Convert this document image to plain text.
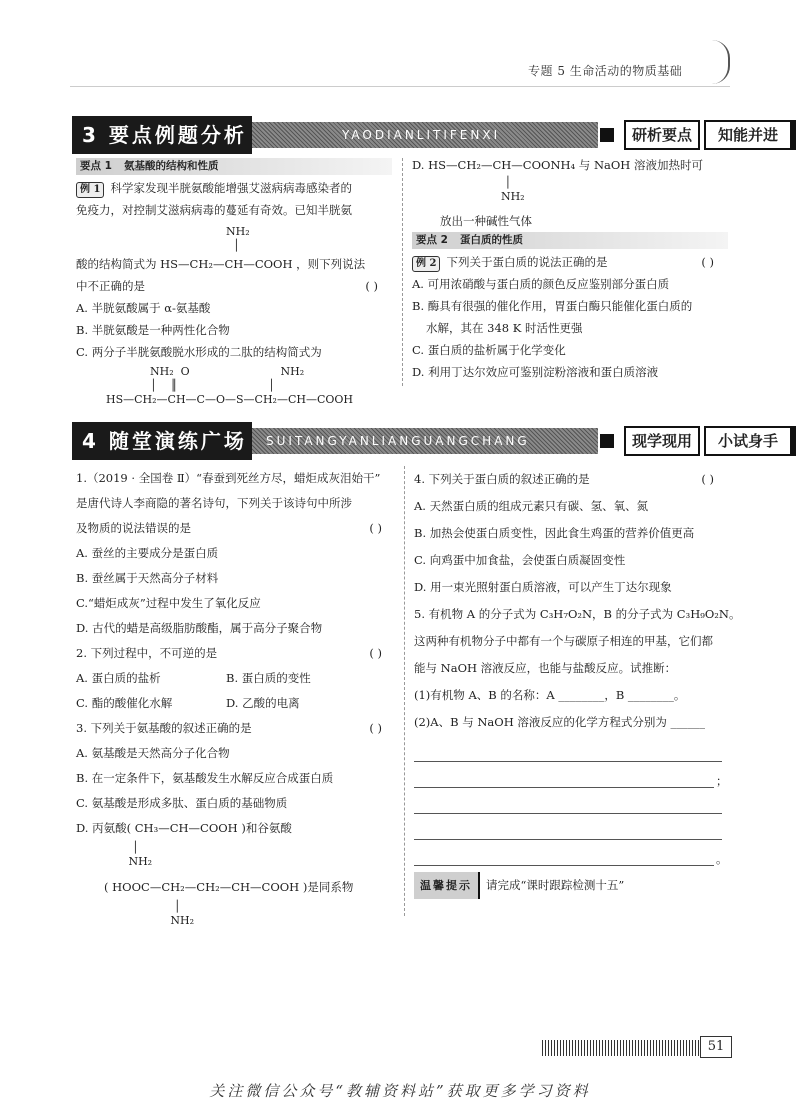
专题 5 生命活动的物质基础
3 要点例题分析	YAODIANLITIFENXI	研析要点	知能并进
要点 1 氨基酸的结构和性质

例 1 科学家发现半胱氨酸能增强艾滋病病毒感染者的

免疫力，对控制艾滋病病毒的蔓延有奇效。已知半胱氨

NH₂
│

酸的结构简式为 HS—CH₂—CH—COOH ，则下列说法

中不正确的是	( )

A. 半胱氨酸属于 α-氨基酸

B. 半胱氨酸是一种两性化合物

C. 两分子半胱氨酸脱水形成的二肽的结构简式为

NH₂  O                          NH₂
│    ║                          │
HS—CH₂—CH—C—O—S—CH₂—CH—COOH

D. HS—CH₂—CH—COONH₄ 与 NaOH 溶液加热时可

│
NH₂

放出一种碱性气体

要点 2 蛋白质的性质

例 2 下列关于蛋白质的说法正确的是	( )

A. 可用浓硝酸与蛋白质的颜色反应鉴别部分蛋白质

B. 酶具有很强的催化作用，胃蛋白酶只能催化蛋白质的

水解，其在 348 K 时活性更强

C. 蛋白质的盐析属于化学变化

D. 利用丁达尔效应可鉴别淀粉溶液和蛋白质溶液

4 随堂演练广场	SUITANGYANLIANGUANGCHANG	现学现用	小试身手

1.（2019 · 全国卷 Ⅱ）“春蚕到死丝方尽，蜡炬成灰泪始干”

是唐代诗人李商隐的著名诗句，下列关于该诗句中所涉

及物质的说法错误的是	( )

A. 蚕丝的主要成分是蛋白质

B. 蚕丝属于天然高分子材料

C.“蜡炬成灰”过程中发生了氧化反应

D. 古代的蜡是高级脂肪酸酯，属于高分子聚合物

2. 下列过程中，不可逆的是	( )

A. 蛋白质的盐析	B. 蛋白质的变性

C. 酯的酸催化水解	D. 乙酸的电离

3. 下列关于氨基酸的叙述正确的是	( )

A. 氨基酸是天然高分子化合物

B. 在一定条件下，氨基酸发生水解反应合成蛋白质

C. 氨基酸是形成多肽、蛋白质的基础物质

D. 丙氨酸( CH₃—CH—COOH )和谷氨酸

│
NH₂

( HOOC—CH₂—CH₂—CH—COOH )是同系物

│
NH₂

4. 下列关于蛋白质的叙述正确的是	( )

A. 天然蛋白质的组成元素只有碳、氢、氧、氮

B. 加热会使蛋白质变性，因此食生鸡蛋的营养价值更高

C. 向鸡蛋中加食盐，会使蛋白质凝固变性

D. 用一束光照射蛋白质溶液，可以产生丁达尔现象

5. 有机物 A 的分子式为 C₃H₇O₂N，B 的分子式为 C₃H₉O₂N。

这两种有机物分子中都有一个与碳原子相连的甲基，它们都

能与 NaOH 溶液反应，也能与盐酸反应。试推断：

(1)有机物 A、B 的名称：A ________，B ________。

(2)A、B 与 NaOH 溶液反应的化学方程式分别为 ______

；
。

温馨提示 请完成“课时跟踪检测十五”

51
关注微信公众号“教辅资料站”获取更多学习资料
